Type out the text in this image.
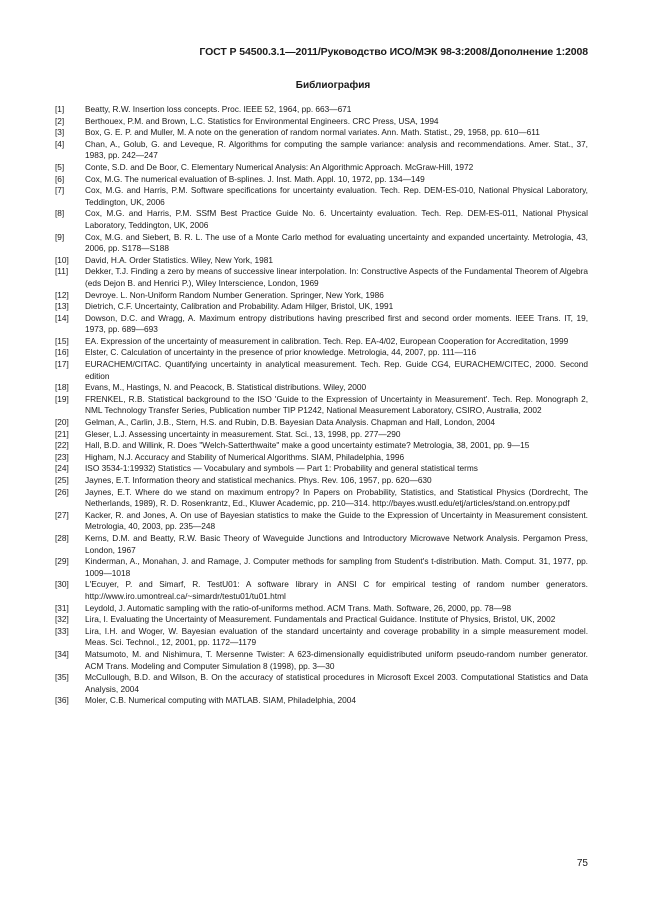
ГОСТ Р 54500.3.1—2011/Руководство ИСО/МЭК 98-3:2008/Дополнение 1:2008
Библиография
[1]	Beatty, R.W. Insertion loss concepts. Proc. IEEE 52, 1964, pp. 663—671
[2]	Berthouex, P.M. and Brown, L.C. Statistics for Environmental Engineers. CRC Press, USA, 1994
[3]	Box, G. E. P. and Muller, M. A note on the generation of random normal variates. Ann. Math. Statist., 29, 1958, pp. 610—611
[4]	Chan, A., Golub, G. and Leveque, R. Algorithms for computing the sample variance: analysis and recommendations. Amer. Stat., 37, 1983, pp. 242—247
[5]	Conte, S.D. and De Boor, C. Elementary Numerical Analysis: An Algorithmic Approach. McGraw-Hill, 1972
[6]	Cox, M.G. The numerical evaluation of B-splines. J. Inst. Math. Appl. 10, 1972, pp. 134—149
[7]	Cox, M.G. and Harris, P.M. Software specifications for uncertainty evaluation. Tech. Rep. DEM-ES-010, National Physical Laboratory, Teddington, UK, 2006
[8]	Cox, M.G. and Harris, P.M. SSfM Best Practice Guide No. 6. Uncertainty evaluation. Tech. Rep. DEM-ES-011, National Physical Laboratory, Teddington, UK, 2006
[9]	Cox, M.G. and Siebert, B. R. L. The use of a Monte Carlo method for evaluating uncertainty and expanded uncertainty. Metrologia, 43, 2006, pp. S178—S188
[10]	David, H.A. Order Statistics. Wiley, New York, 1981
[11]	Dekker, T.J. Finding a zero by means of successive linear interpolation. In: Constructive Aspects of the Fundamental Theorem of Algebra (eds Dejon B. and Henrici P.), Wiley Interscience, London, 1969
[12]	Devroye. L. Non-Uniform Random Number Generation. Springer, New York, 1986
[13]	Dietrich, C.F. Uncertainty, Calibration and Probability. Adam Hilger, Bristol, UK, 1991
[14]	Dowson, D.C. and Wragg, A. Maximum entropy distributions having prescribed first and second order moments. IEEE Trans. IT, 19, 1973, pp. 689—693
[15]	EA. Expression of the uncertainty of measurement in calibration. Tech. Rep. EA-4/02, European Cooperation for Accreditation, 1999
[16]	Elster, C. Calculation of uncertainty in the presence of prior knowledge. Metrologia, 44, 2007, pp. 111—116
[17]	EURACHEM/CITAC. Quantifying uncertainty in analytical measurement. Tech. Rep. Guide CG4, EURACHEM/CITEC, 2000. Second edition
[18]	Evans, M., Hastings, N. and Peacock, B. Statistical distributions. Wiley, 2000
[19]	FRENKEL, R.B. Statistical background to the ISO 'Guide to the Expression of Uncertainty in Measurement'. Tech. Rep. Monograph 2, NML Technology Transfer Series, Publication number TIP P1242, National Measurement Laboratory, CSIRO, Australia, 2002
[20]	Gelman, A., Carlin, J.B., Stern, H.S. and Rubin, D.B. Bayesian Data Analysis. Chapman and Hall, London, 2004
[21]	Gleser, L.J. Assessing uncertainty in measurement. Stat. Sci., 13, 1998, pp. 277—290
[22]	Hall, B.D. and Willink, R. Does "Welch-Satterthwaite" make a good uncertainty estimate? Metrologia, 38, 2001, pp. 9—15
[23]	Higham, N.J. Accuracy and Stability of Numerical Algorithms. SIAM, Philadelphia, 1996
[24]	ISO 3534-1:19932) Statistics — Vocabulary and symbols — Part 1: Probability and general statistical terms
[25]	Jaynes, E.T. Information theory and statistical mechanics. Phys. Rev. 106, 1957, pp. 620—630
[26]	Jaynes, E.T. Where do we stand on maximum entropy? In Papers on Probability, Statistics, and Statistical Physics (Dordrecht, The Netherlands, 1989), R. D. Rosenkrantz, Ed., Kluwer Academic, pp. 210—314. http://bayes.wustl.edu/etj/articles/stand.on.entropy.pdf
[27]	Kacker, R. and Jones, A. On use of Bayesian statistics to make the Guide to the Expression of Uncertainty in Measurement consistent. Metrologia, 40, 2003, pp. 235—248
[28]	Kerns, D.M. and Beatty, R.W. Basic Theory of Waveguide Junctions and Introductory Microwave Network Analysis. Pergamon Press, London, 1967
[29]	Kinderman, A., Monahan, J. and Ramage, J. Computer methods for sampling from Student's t-distribution. Math. Comput. 31, 1977, pp. 1009—1018
[30]	L'Ecuyer, P. and Simarf, R. TestU01: A software library in ANSI C for empirical testing of random number generators. http://www.iro.umontreal.ca/~simardr/testu01/tu01.html
[31]	Leydold, J. Automatic sampling with the ratio-of-uniforms method. ACM Trans. Math. Software, 26, 2000, pp. 78—98
[32]	Lira, I. Evaluating the Uncertainty of Measurement. Fundamentals and Practical Guidance. Institute of Physics, Bristol, UK, 2002
[33]	Lira, I.H. and Woger, W. Bayesian evaluation of the standard uncertainty and coverage probability in a simple measurement model. Meas. Sci. Technol., 12, 2001, pp. 1172—1179
[34]	Matsumoto, M. and Nishimura, T. Mersenne Twister: A 623-dimensionally equidistributed uniform pseudo-random number generator. ACM Trans. Modeling and Computer Simulation 8 (1998), pp. 3—30
[35]	McCullough, B.D. and Wilson, B. On the accuracy of statistical procedures in Microsoft Excel 2003. Computational Statistics and Data Analysis, 2004
[36]	Moler, C.B. Numerical computing with MATLAB. SIAM, Philadelphia, 2004
75
